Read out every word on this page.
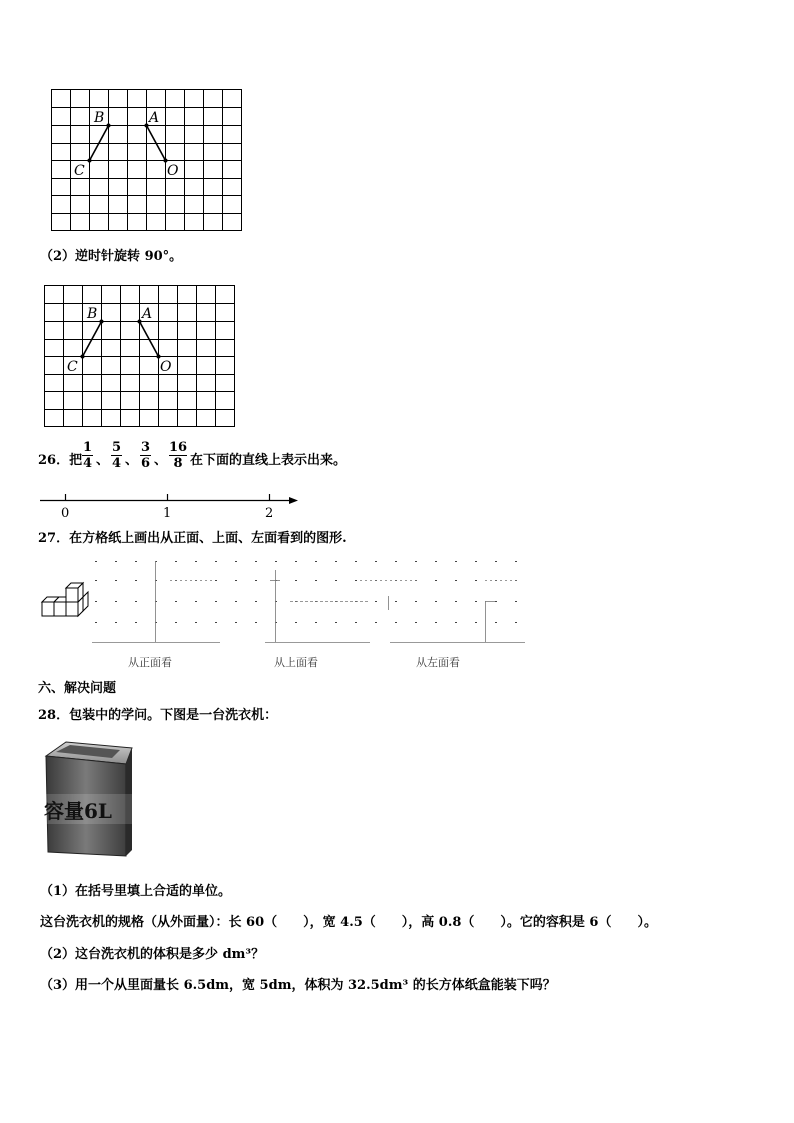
B	A
C	O
（2）逆时针旋转 90°。
B	A
C	O
26．把
1
4 、
5
4 、
3
6 、
16
8 在下面的直线上表示出来。
0	1	2
27．在方格纸上画出从正面、上面、左面看到的图形.
从正面看	从上面看	从左面看
六、解决问题
28．包装中的学问。下图是一台洗衣机：
容量6L
（1）在括号里填上合适的单位。
这台洗衣机的规格（从外面量）：长 60（　　），宽 4.5（　　），高 0.8（　　）。它的容积是 6（　　）。
（2）这台洗衣机的体积是多少 dm³？
（3）用一个从里面量长 6.5dm，宽 5dm，体积为 32.5dm³ 的长方体纸盒能装下吗？
